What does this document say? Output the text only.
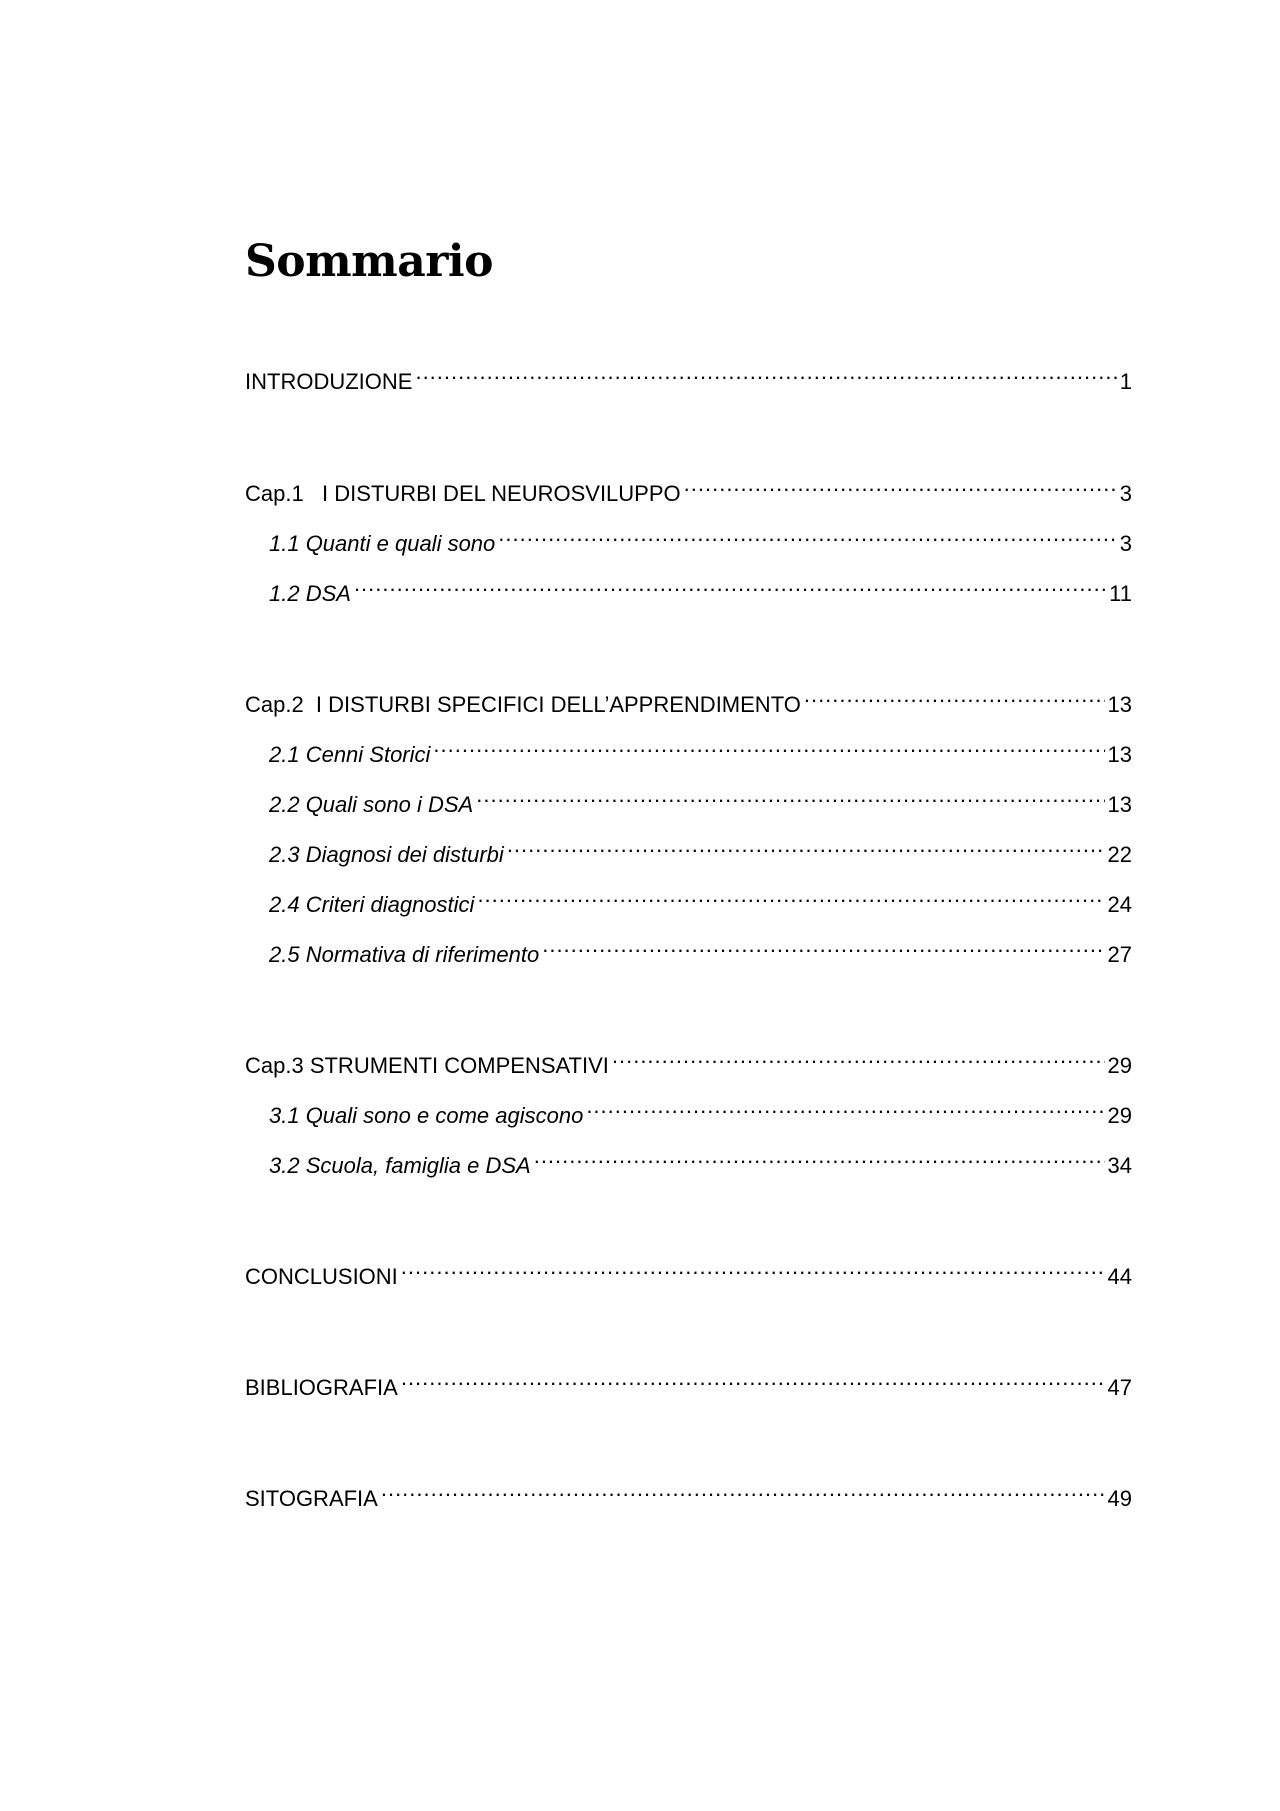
Sommario
INTRODUZIONE .....	1
Cap.1   I DISTURBI DEL NEUROSVILUPPO .....	3
1.1 Quanti e quali sono .....	3
1.2 DSA .....	11
Cap.2  I DISTURBI SPECIFICI DELL’APPRENDIMENTO .....	13
2.1 Cenni Storici .....	13
2.2 Quali sono i DSA .....	13
2.3 Diagnosi dei disturbi .....	22
2.4 Criteri diagnostici .....	24
2.5 Normativa di riferimento .....	27
Cap.3 STRUMENTI COMPENSATIVI .....	29
3.1 Quali sono e come agiscono .....	29
3.2 Scuola, famiglia e DSA .....	34
CONCLUSIONI .....	44
BIBLIOGRAFIA .....	47
SITOGRAFIA .....	49
